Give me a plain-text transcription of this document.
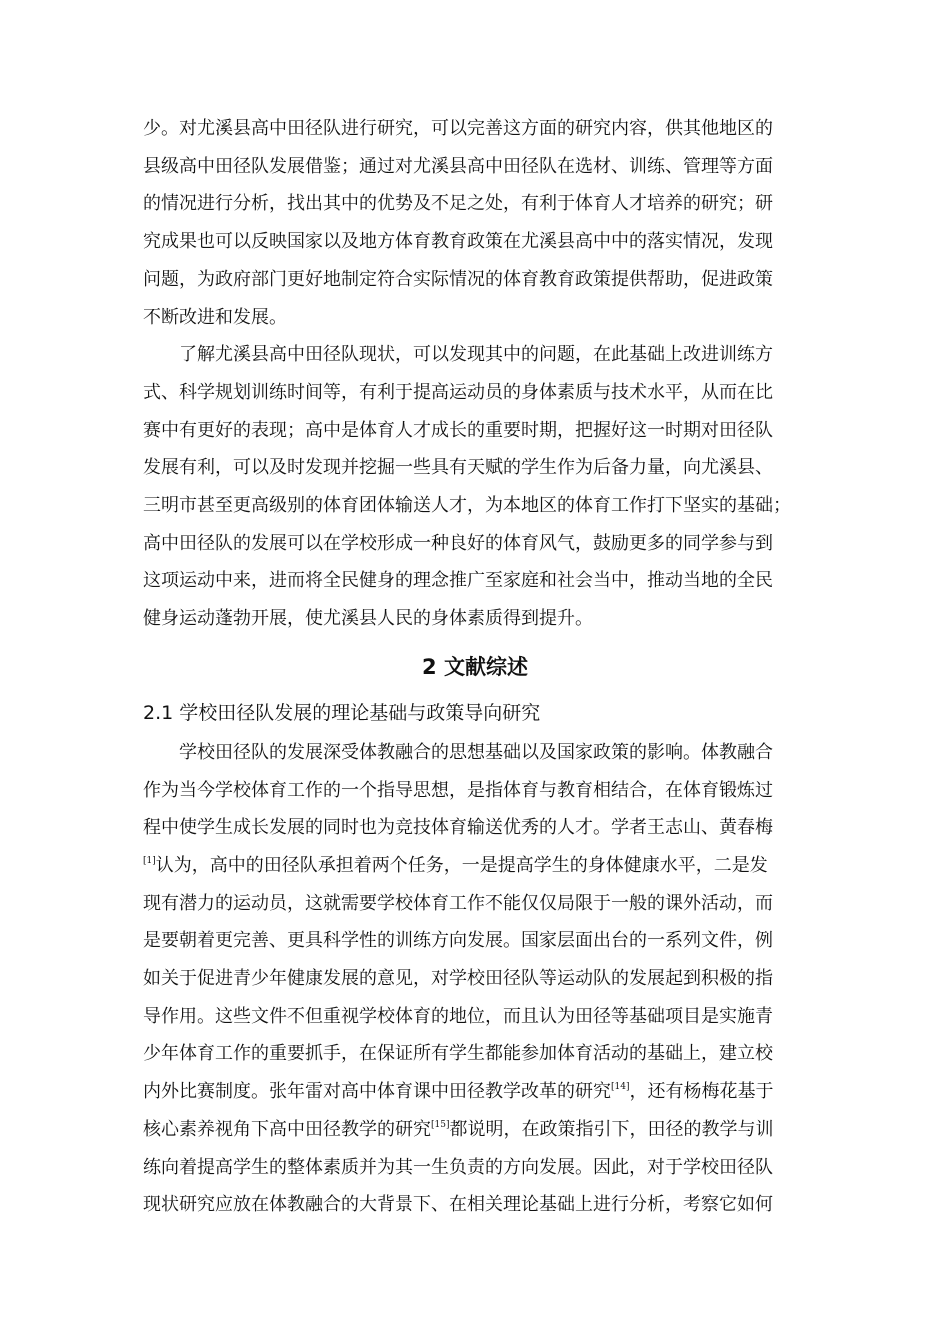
少。对尤溪县高中田径队进行研究，可以完善这方面的研究内容，供其他地区的
县级高中田径队发展借鉴；通过对尤溪县高中田径队在选材、训练、管理等方面
的情况进行分析，找出其中的优势及不足之处，有利于体育人才培养的研究；研
究成果也可以反映国家以及地方体育教育政策在尤溪县高中中的落实情况，发现
问题，为政府部门更好地制定符合实际情况的体育教育政策提供帮助，促进政策
不断改进和发展。

了解尤溪县高中田径队现状，可以发现其中的问题，在此基础上改进训练方
式、科学规划训练时间等，有利于提高运动员的身体素质与技术水平，从而在比
赛中有更好的表现；高中是体育人才成长的重要时期，把握好这一时期对田径队
发展有利，可以及时发现并挖掘一些具有天赋的学生作为后备力量，向尤溪县、
三明市甚至更高级别的体育团体输送人才，为本地区的体育工作打下坚实的基础；
高中田径队的发展可以在学校形成一种良好的体育风气，鼓励更多的同学参与到
这项运动中来，进而将全民健身的理念推广至家庭和社会当中，推动当地的全民
健身运动蓬勃开展，使尤溪县人民的身体素质得到提升。

2 文献综述
2.1 学校田径队发展的理论基础与政策导向研究

学校田径队的发展深受体教融合的思想基础以及国家政策的影响。体教融合
作为当今学校体育工作的一个指导思想，是指体育与教育相结合，在体育锻炼过
程中使学生成长发展的同时也为竞技体育输送优秀的人才。学者王志山、黄春梅
[1]认为，高中的田径队承担着两个任务，一是提高学生的身体健康水平，二是发
现有潜力的运动员，这就需要学校体育工作不能仅仅局限于一般的课外活动，而
是要朝着更完善、更具科学性的训练方向发展。国家层面出台的一系列文件，例
如关于促进青少年健康发展的意见，对学校田径队等运动队的发展起到积极的指
导作用。这些文件不但重视学校体育的地位，而且认为田径等基础项目是实施青
少年体育工作的重要抓手，在保证所有学生都能参加体育活动的基础上，建立校
内外比赛制度。张年雷对高中体育课中田径教学改革的研究[14]，还有杨梅花基于
核心素养视角下高中田径教学的研究[15]都说明，在政策指引下，田径的教学与训
练向着提高学生的整体素质并为其一生负责的方向发展。因此，对于学校田径队
现状研究应放在体教融合的大背景下、在相关理论基础上进行分析，考察它如何
